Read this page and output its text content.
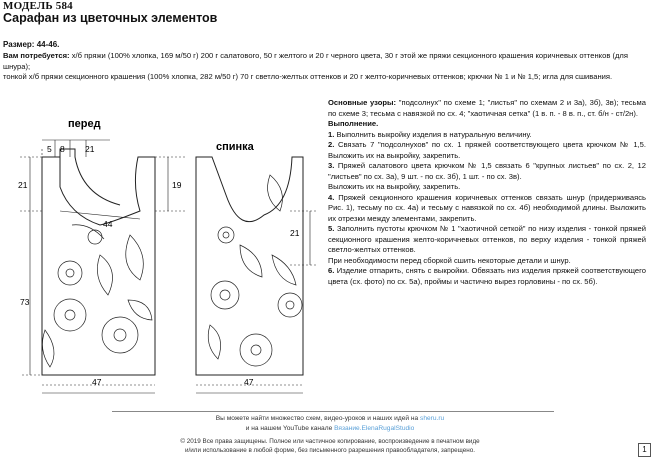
МОДЕЛЬ 584
Сарафан из цветочных элементов
Размер: 44-46.

Вам потребуется: х/б пряжи (100% хлопка, 169 м/50 г) 200 г салатового, 50 г желтого и 20 г черного цвета, 30 г этой же пряжи секционного крашения коричневых оттенков (для шнура);

тонкой х/б пряжи секционного крашения (100% хлопка, 282 м/50 г) 70 г светло-желтых оттенков и 20 г желто-коричневых оттенков; крючки № 1 и № 1,5; игла для сшивания.

перед
спинка
5 8 21
21	19
44
73
47	47
21

Основные узоры: "подсолнух" по схеме 1; "листья" по схемам 2 и 3а), 3б), 3в); тесьма по схеме 3; тесьма с навязкой по сх. 4; "хаотичная сетка" (1 в. п. - 8 в. п., ст. б/н - ст/2н).

Выполнение.

1. Выполнить выкройку изделия в натуральную величину.

2. Связать 7 "подсолнухов" по сх. 1 пряжей соответствующего цвета крючком № 1,5. Выложить их на выкройку, закрепить.

3. Пряжей салатового цвета крючком № 1,5 связать 6 "крупных листьев" по сх. 2, 12 "листьев" по сх. 3а), 9 шт. - по сх. 3б), 1 шт. - по сх. 3в).

Выложить их на выкройку, закрепить.

4. Пряжей секционного крашения коричневых оттенков связать шнур (придерживаясь Рис. 1), тесьму по сх. 4а) и тесьму с навязкой по сх. 4б) необходимой длины. Выложить их отрезки между элементами, закрепить.

5. Заполнить пустоты крючком № 1 "хаотичной сеткой" по низу изделия - тонкой пряжей секционного крашения желто-коричневых оттенков, по верху изделия - тонкой пряжей светло-желтых оттенков.

При необходимости перед сборкой сшить некоторые детали и шнур.

6. Изделие отпарить, снять с выкройки. Обвязать низ изделия пряжей соответствующего цвета (сх. фото) по сх. 5а), проймы и частично вырез горловины - по сх. 5б).

Вы можете найти множество схем, видео-уроков и наших идей на sheru.ru
и на нашем YouTube канале Вязание.ElenaRugalStudio
© 2019 Все права защищены. Полное или частичное копирование, воспроизведение в печатном виде
и/или использование в любой форме, без письменного разрешения правообладателя, запрещено.	1
